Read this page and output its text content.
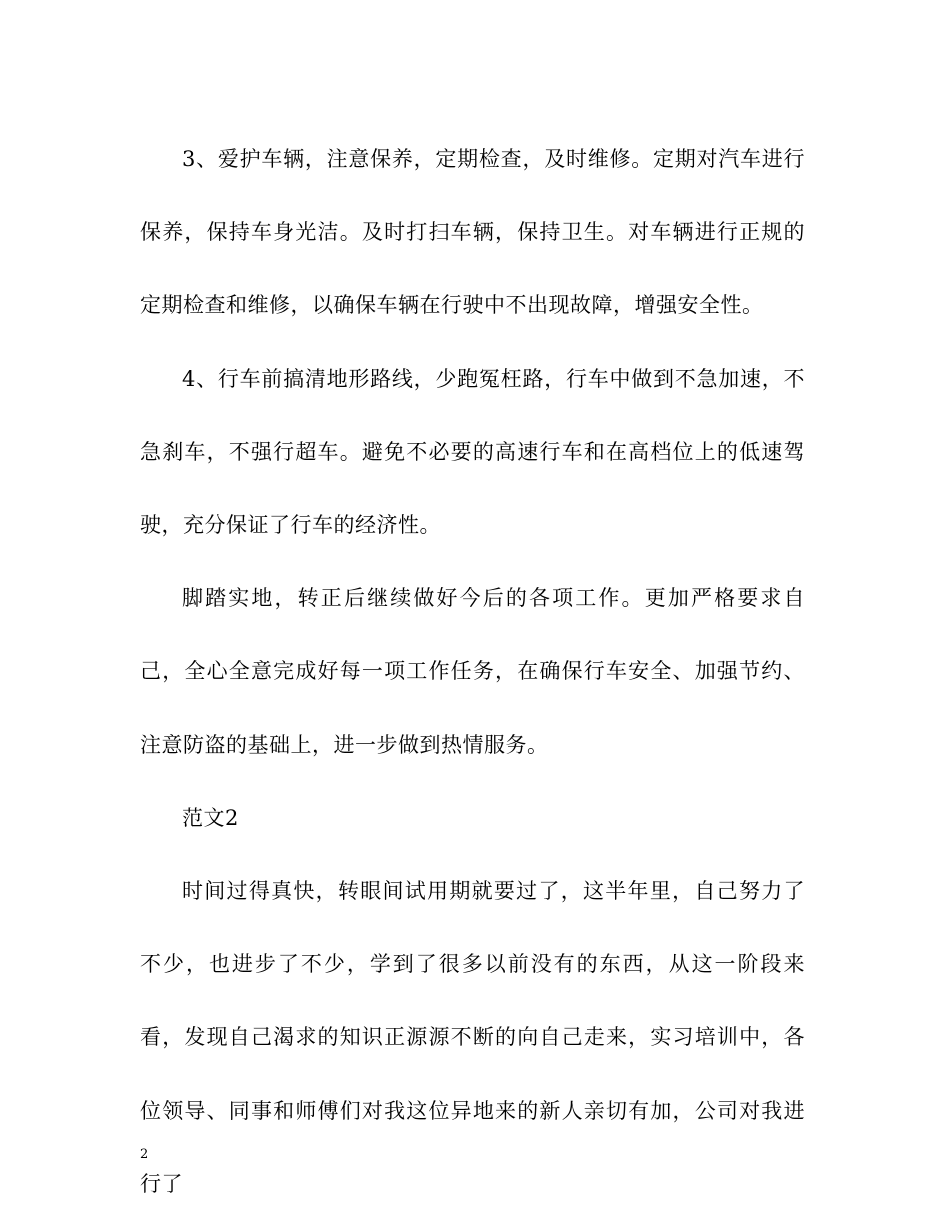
3、爱护车辆，注意保养，定期检查，及时维修。定期对汽车进行保养，保持车身光洁。及时打扫车辆，保持卫生。对车辆进行正规的定期检查和维修，以确保车辆在行驶中不出现故障，增强安全性。

4、行车前搞清地形路线，少跑冤枉路，行车中做到不急加速，不急刹车，不强行超车。避免不必要的高速行车和在高档位上的低速驾驶，充分保证了行车的经济性。

脚踏实地，转正后继续做好今后的各项工作。更加严格要求自己，全心全意完成好每一项工作任务，在确保行车安全、加强节约、注意防盗的基础上，进一步做到热情服务。

范文2

时间过得真快，转眼间试用期就要过了，这半年里，自己努力了不少，也进步了不少，学到了很多以前没有的东西，从这一阶段来看，发现自己渴求的知识正源源不断的向自己走来，实习培训中，各位领导、同事和师傅们对我这位异地来的新人亲切有加，公司对我进行了

2
